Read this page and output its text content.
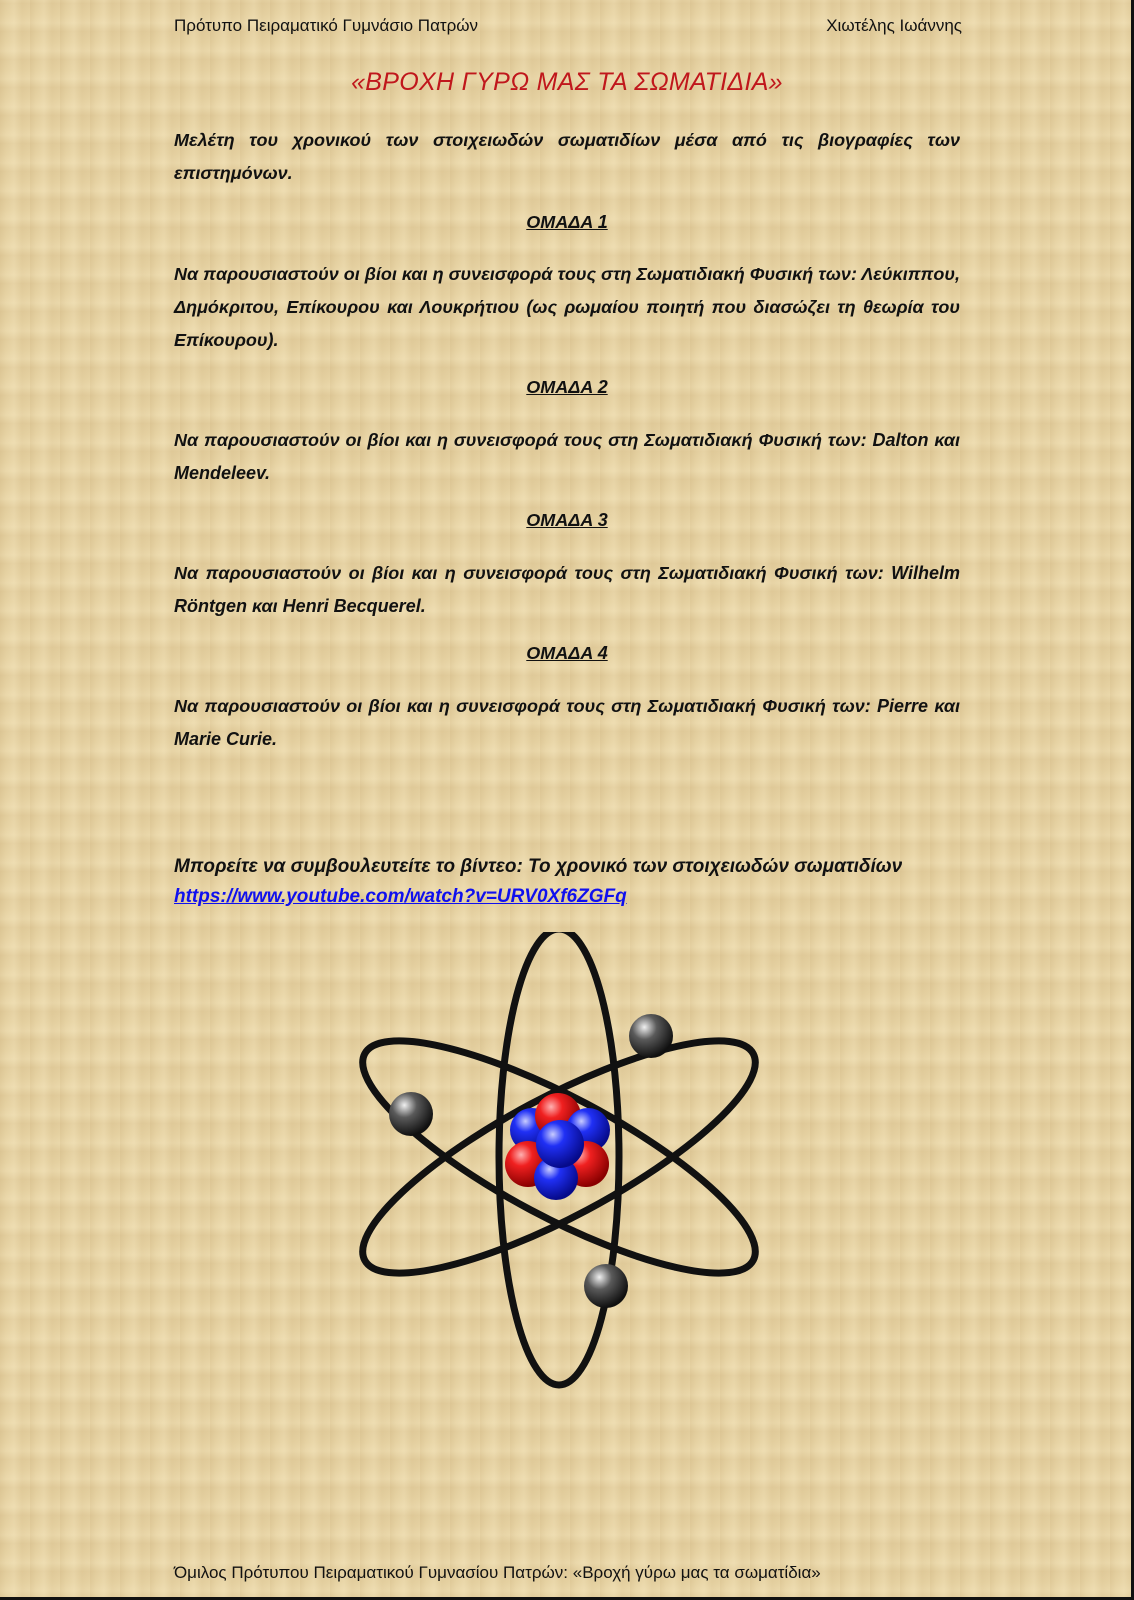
Πρότυπο Πειραματικό Γυμνάσιο Πατρών	Χιωτέλης Ιωάννης
«ΒΡΟΧΗ ΓΥΡΩ ΜΑΣ ΤΑ ΣΩΜΑΤΙΔΙΑ»

Μελέτη του χρονικού των στοιχειωδών σωματιδίων μέσα από τις βιογραφίες των επιστημόνων.

ΟΜΑΔΑ 1

Να παρουσιαστούν οι βίοι και η συνεισφορά τους στη Σωματιδιακή Φυσική των: Λεύκιππου, Δημόκριτου, Επίκουρου και Λουκρήτιου (ως ρωμαίου ποιητή που διασώζει τη θεωρία του Επίκουρου).

ΟΜΑΔΑ 2

Να παρουσιαστούν οι βίοι και η συνεισφορά τους στη Σωματιδιακή Φυσική των: Dalton και Mendeleev.

ΟΜΑΔΑ 3

Να παρουσιαστούν οι βίοι και η συνεισφορά τους στη Σωματιδιακή Φυσική των: Wilhelm Röntgen και Henri Becquerel.

ΟΜΑΔΑ 4

Να παρουσιαστούν οι βίοι και η συνεισφορά τους στη Σωματιδιακή Φυσική των: Pierre και Marie Curie.

Μπορείτε να συμβουλευτείτε το βίντεο: Το χρονικό των στοιχειωδών σωματιδίων
https://www.youtube.com/watch?v=URV0Xf6ZGFq
Όμιλος Πρότυπου Πειραματικού Γυμνασίου Πατρών: «Βροχή γύρω μας τα σωματίδια»
